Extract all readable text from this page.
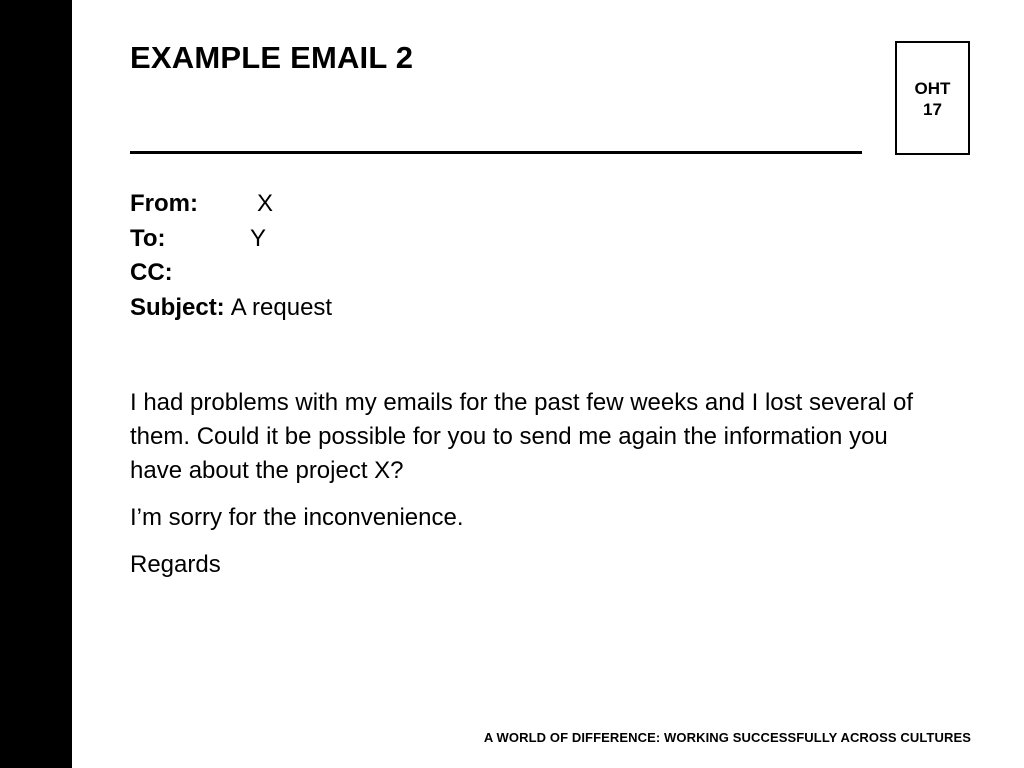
EXAMPLE EMAIL 2
OHT
17
From: X
To:	Y
CC:
Subject: A request

I had problems with my emails for the past few weeks and I lost several of them. Could it be possible for you to send me again the information you have about the project X?

I’m sorry for the inconvenience.

Regards

A WORLD OF DIFFERENCE: WORKING SUCCESSFULLY ACROSS CULTURES
